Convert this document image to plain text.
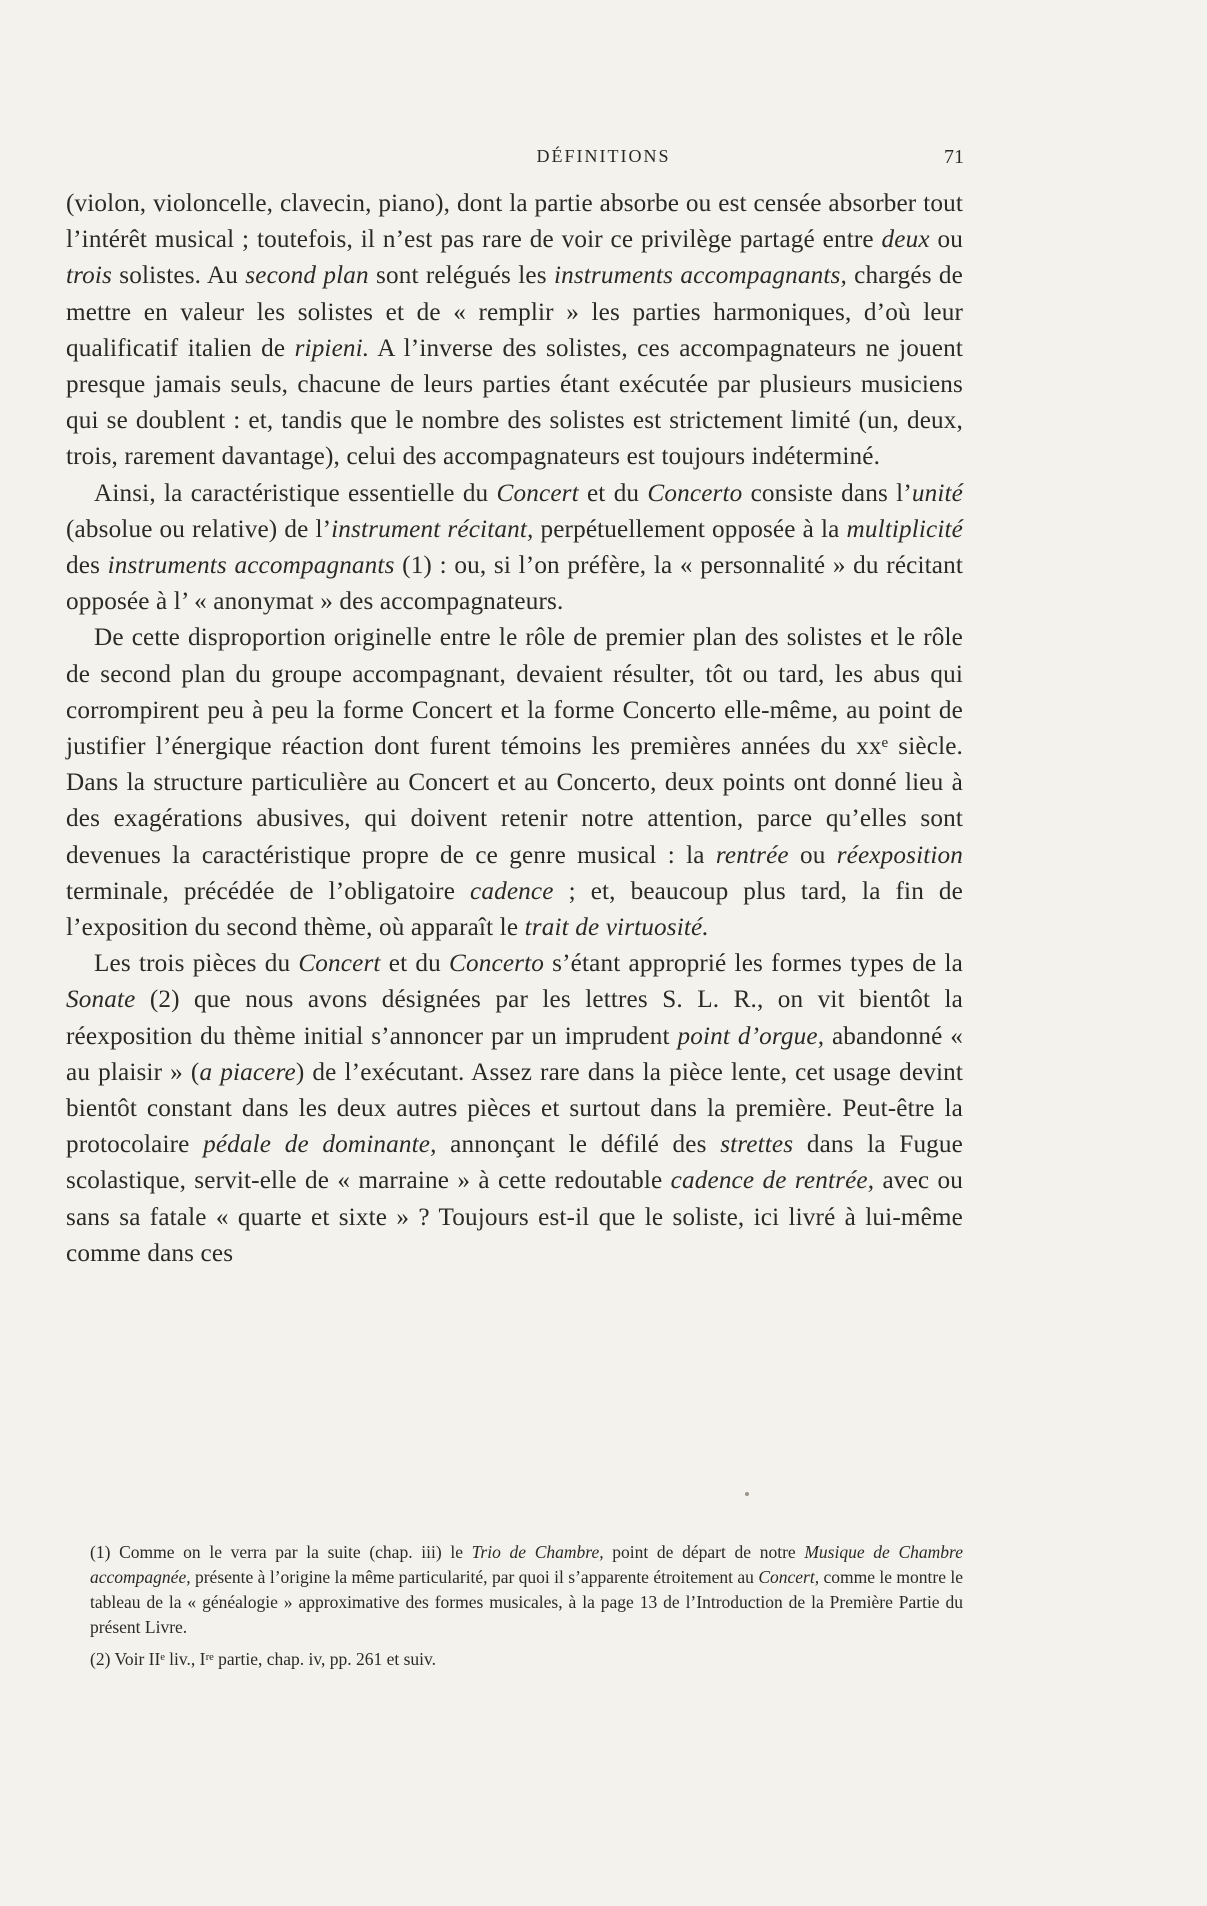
DÉFINITIONS	71

(violon, violoncelle, clavecin, piano), dont la partie absorbe ou est censée absorber tout l’intérêt musical ; toutefois, il n’est pas rare de voir ce privilège partagé entre deux ou trois solistes. Au second plan sont relégués les instruments accompagnants, chargés de mettre en valeur les solistes et de « remplir » les parties harmoniques, d’où leur qualificatif italien de ripieni. A l’inverse des solistes, ces accompagnateurs ne jouent presque jamais seuls, chacune de leurs parties étant exécutée par plusieurs musiciens qui se doublent : et, tandis que le nombre des solistes est strictement limité (un, deux, trois, rarement davantage), celui des accompagnateurs est toujours indéterminé.

Ainsi, la caractéristique essentielle du Concert et du Concerto consiste dans l’unité (absolue ou relative) de l’instrument récitant, perpétuellement opposée à la multiplicité des instruments accompagnants (1) : ou, si l’on préfère, la « personnalité » du récitant opposée à l’ « anonymat » des accompagnateurs.

De cette disproportion originelle entre le rôle de premier plan des solistes et le rôle de second plan du groupe accompagnant, devaient résulter, tôt ou tard, les abus qui corrompirent peu à peu la forme Concert et la forme Concerto elle-même, au point de justifier l’énergique réaction dont furent témoins les premières années du xxᵉ siècle. Dans la structure particulière au Concert et au Concerto, deux points ont donné lieu à des exagérations abusives, qui doivent retenir notre attention, parce qu’elles sont devenues la caractéristique propre de ce genre musical : la rentrée ou réexposition terminale, précédée de l’obligatoire cadence ; et, beaucoup plus tard, la fin de l’exposition du second thème, où apparaît le trait de virtuosité.

Les trois pièces du Concert et du Concerto s’étant approprié les formes types de la Sonate (2) que nous avons désignées par les lettres S. L. R., on vit bientôt la réexposition du thème initial s’annoncer par un imprudent point d’orgue, abandonné « au plaisir » (a piacere) de l’exécutant. Assez rare dans la pièce lente, cet usage devint bientôt constant dans les deux autres pièces et surtout dans la première. Peut-être la protocolaire pédale de dominante, annonçant le défilé des strettes dans la Fugue scolastique, servit-elle de « marraine » à cette redoutable cadence de rentrée, avec ou sans sa fatale « quarte et sixte » ? Toujours est-il que le soliste, ici livré à lui-même comme dans ces

(1) Comme on le verra par la suite (chap. iii) le Trio de Chambre, point de départ de notre Musique de Chambre accompagnée, présente à l’origine la même particularité, par quoi il s’apparente étroitement au Concert, comme le montre le tableau de la « généalogie » approximative des formes musicales, à la page 13 de l’Introduction de la Première Partie du présent Livre.

(2) Voir IIᵉ liv., Iʳᵉ partie, chap. iv, pp. 261 et suiv.
